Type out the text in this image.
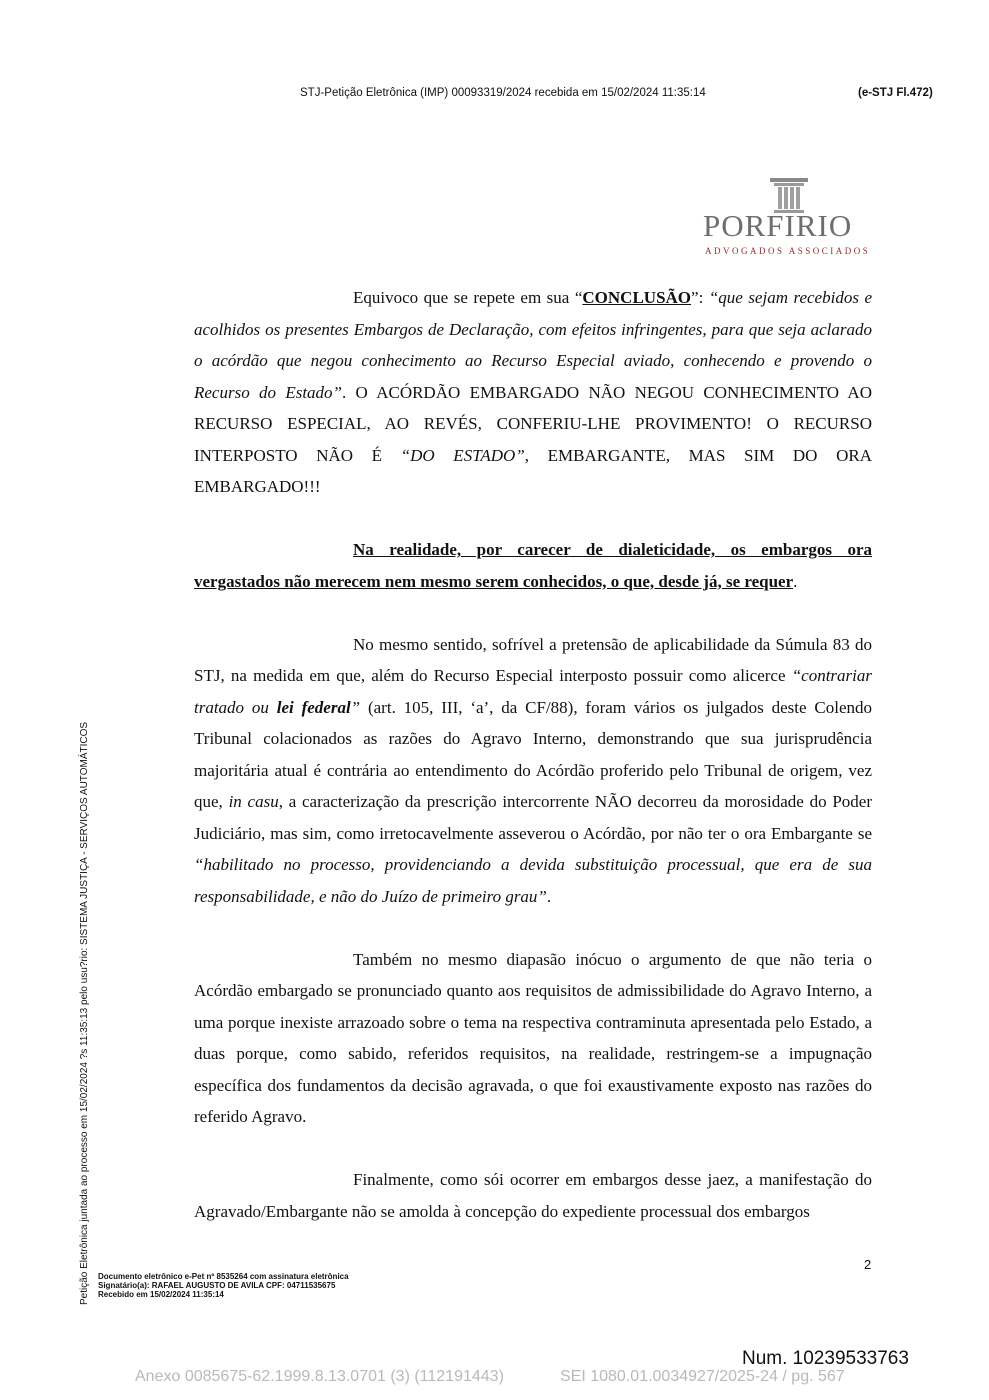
STJ-Petição Eletrônica (IMP) 00093319/2024 recebida em 15/02/2024 11:35:14	(e-STJ Fl.472)
PORFIRIO
ADVOGADOS ASSOCIADOS

Equivoco que se repete em sua “CONCLUSÃO”: “que sejam recebidos e acolhidos os presentes Embargos de Declaração, com efeitos infringentes, para que seja aclarado o acórdão que negou conhecimento ao Recurso Especial aviado, conhecendo e provendo o Recurso do Estado”. O ACÓRDÃO EMBARGADO NÃO NEGOU CONHECIMENTO AO RECURSO ESPECIAL, AO REVÉS, CONFERIU-LHE PROVIMENTO! O RECURSO INTERPOSTO NÃO É “DO ESTADO”, EMBARGANTE, MAS SIM DO ORA EMBARGADO!!!

Na realidade, por carecer de dialeticidade, os embargos ora vergastados não merecem nem mesmo serem conhecidos, o que, desde já, se requer.

No mesmo sentido, sofrível a pretensão de aplicabilidade da Súmula 83 do STJ, na medida em que, além do Recurso Especial interposto possuir como alicerce “contrariar tratado ou lei federal” (art. 105, III, ‘a’, da CF/88), foram vários os julgados deste Colendo Tribunal colacionados as razões do Agravo Interno, demonstrando que sua jurisprudência majoritária atual é contrária ao entendimento do Acórdão proferido pelo Tribunal de origem, vez que, in casu, a caracterização da prescrição intercorrente NÃO decorreu da morosidade do Poder Judiciário, mas sim, como irretocavelmente asseverou o Acórdão, por não ter o ora Embargante se “habilitado no processo, providenciando a devida substituição processual, que era de sua responsabilidade, e não do Juízo de primeiro grau”.

Também no mesmo diapasão inócuo o argumento de que não teria o Acórdão embargado se pronunciado quanto aos requisitos de admissibilidade do Agravo Interno, a uma porque inexiste arrazoado sobre o tema na respectiva contraminuta apresentada pelo Estado, a duas porque, como sabido, referidos requisitos, na realidade, restringem-se a impugnação específica dos fundamentos da decisão agravada, o que foi exaustivamente exposto nas razões do referido Agravo.

Finalmente, como sói ocorrer em embargos desse jaez, a manifestação do Agravado/Embargante não se amolda à concepção do expediente processual dos embargos

Petição Eletrônica juntada ao processo em 15/02/2024 ?s 11:35:13 pelo usu?rio: SISTEMA JUSTIÇA - SERVIÇOS AUTOMÁTICOS	2
Documento eletrônico e-Pet nº 8535264 com assinatura eletrônica
Signatário(a): RAFAEL AUGUSTO DE AVILA CPF: 04711535675
Recebido em 15/02/2024 11:35:14
Num. 10239533763
Anexo 0085675-62.1999.8.13.0701 (3) (112191443)	SEI 1080.01.0034927/2025-24 / pg. 567
